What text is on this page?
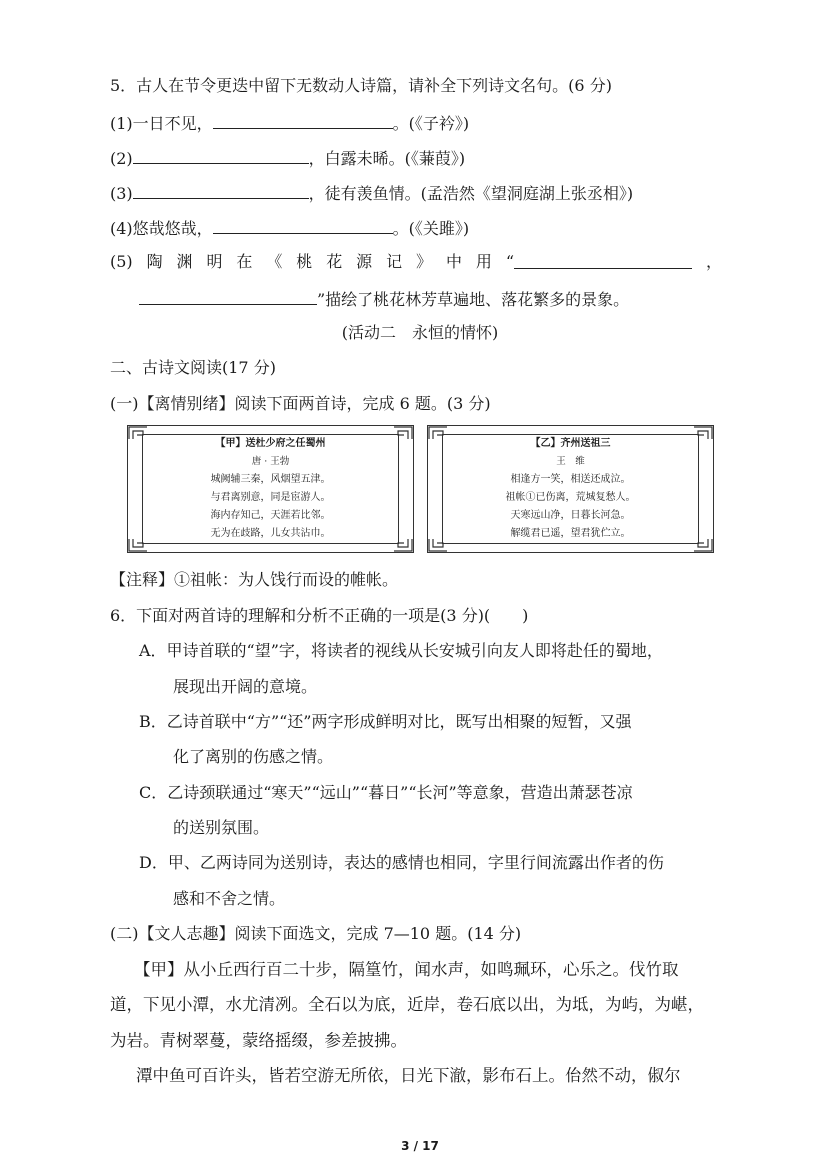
5．古人在节令更迭中留下无数动人诗篇，请补全下列诗文名句。(6 分)
(1)一日不见，	。(《子衿》)
(2)	，白露未晞。(《蒹葭》)
(3)	，徒有羡鱼情。(孟浩然《望洞庭湖上张丞相》)
(4)悠哉悠哉，	。(《关雎》)
(5) 陶 渊 明 在 《 桃 花 源 记 》 中 用 “	，
”描绘了桃花林芳草遍地、落花繁多的景象。
(活动二　永恒的情怀)
二、古诗文阅读(17 分)
(一)【离情别绪】阅读下面两首诗，完成 6 题。(3 分)
【甲】送杜少府之任蜀州
唐 · 王勃
城阙辅三秦，风烟望五津。
与君离别意，同是宦游人。
海内存知己，天涯若比邻。
无为在歧路，儿女共沾巾。
【乙】齐州送祖三
王　维
相逢方一笑，相送还成泣。
祖帐①已伤离，荒城复愁人。
天寒远山净，日暮长河急。
解缆君已遥，望君犹伫立。
【注释】①祖帐：为人饯行而设的帷帐。
6．下面对两首诗的理解和分析不正确的一项是(3 分)(　　)
A．甲诗首联的“望”字，将读者的视线从长安城引向友人即将赴任的蜀地，
展现出开阔的意境。
B．乙诗首联中“方”“还”两字形成鲜明对比，既写出相聚的短暂，又强
化了离别的伤感之情。
C．乙诗颈联通过“寒天”“远山”“暮日”“长河”等意象，营造出萧瑟苍凉
的送别氛围。
D．甲、乙两诗同为送别诗，表达的感情也相同，字里行间流露出作者的伤
感和不舍之情。
(二)【文人志趣】阅读下面选文，完成 7—10 题。(14 分)
【甲】从小丘西行百二十步，隔篁竹，闻水声，如鸣珮环，心乐之。伐竹取
道，下见小潭，水尤清冽。全石以为底，近岸，卷石底以出，为坻，为屿，为嵁，
为岩。青树翠蔓，蒙络摇缀，参差披拂。
潭中鱼可百许头，皆若空游无所依，日光下澈，影布石上。佁然不动，俶尔
3 / 17
